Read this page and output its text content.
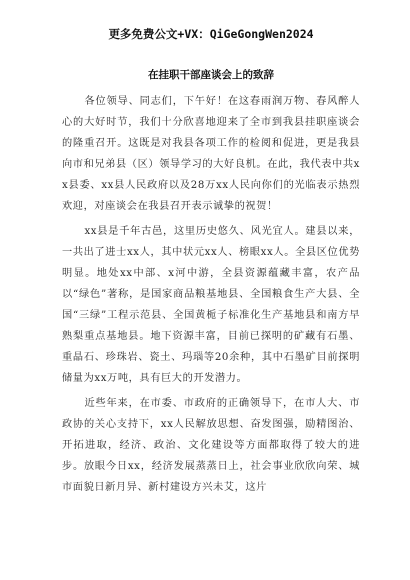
更多免费公文+VX：QiGeGongWen2024
在挂职干部座谈会上的致辞

各位领导、同志们，下午好！在这春雨润万物、春风醉人心的大好时节，我们十分欣喜地迎来了全市到我县挂职座谈会的隆重召开。这既是对我县各项工作的检阅和促进，更是我县向市和兄弟县（区）领导学习的大好良机。在此，我代表中共xx县委、xx县人民政府以及28万xx人民向你们的光临表示热烈欢迎，对座谈会在我县召开表示诚挚的祝贺！

xx县是千年古邑，这里历史悠久、风光宜人。建县以来，一共出了进士xx人，其中状元xx人、榜眼xx人。全县区位优势明显。地处xx中部、x河中游，全县资源蕴藏丰富，农产品以“绿色”著称，是国家商品粮基地县、全国粮食生产大县、全国“三绿”工程示范县、全国黄栀子标准化生产基地县和南方早熟梨重点基地县。地下资源丰富，目前已探明的矿藏有石墨、重晶石、珍珠岩、瓷土、玛瑙等20余种，其中石墨矿目前探明储量为xx万吨，具有巨大的开发潜力。

近些年来，在市委、市政府的正确领导下，在市人大、市政协的关心支持下，xx人民解放思想、奋发图强，励精图治、开拓进取，经济、政治、文化建设等方面都取得了较大的进步。放眼今日xx，经济发展蒸蒸日上，社会事业欣欣向荣、城市面貌日新月异、新村建设方兴未艾，这片
